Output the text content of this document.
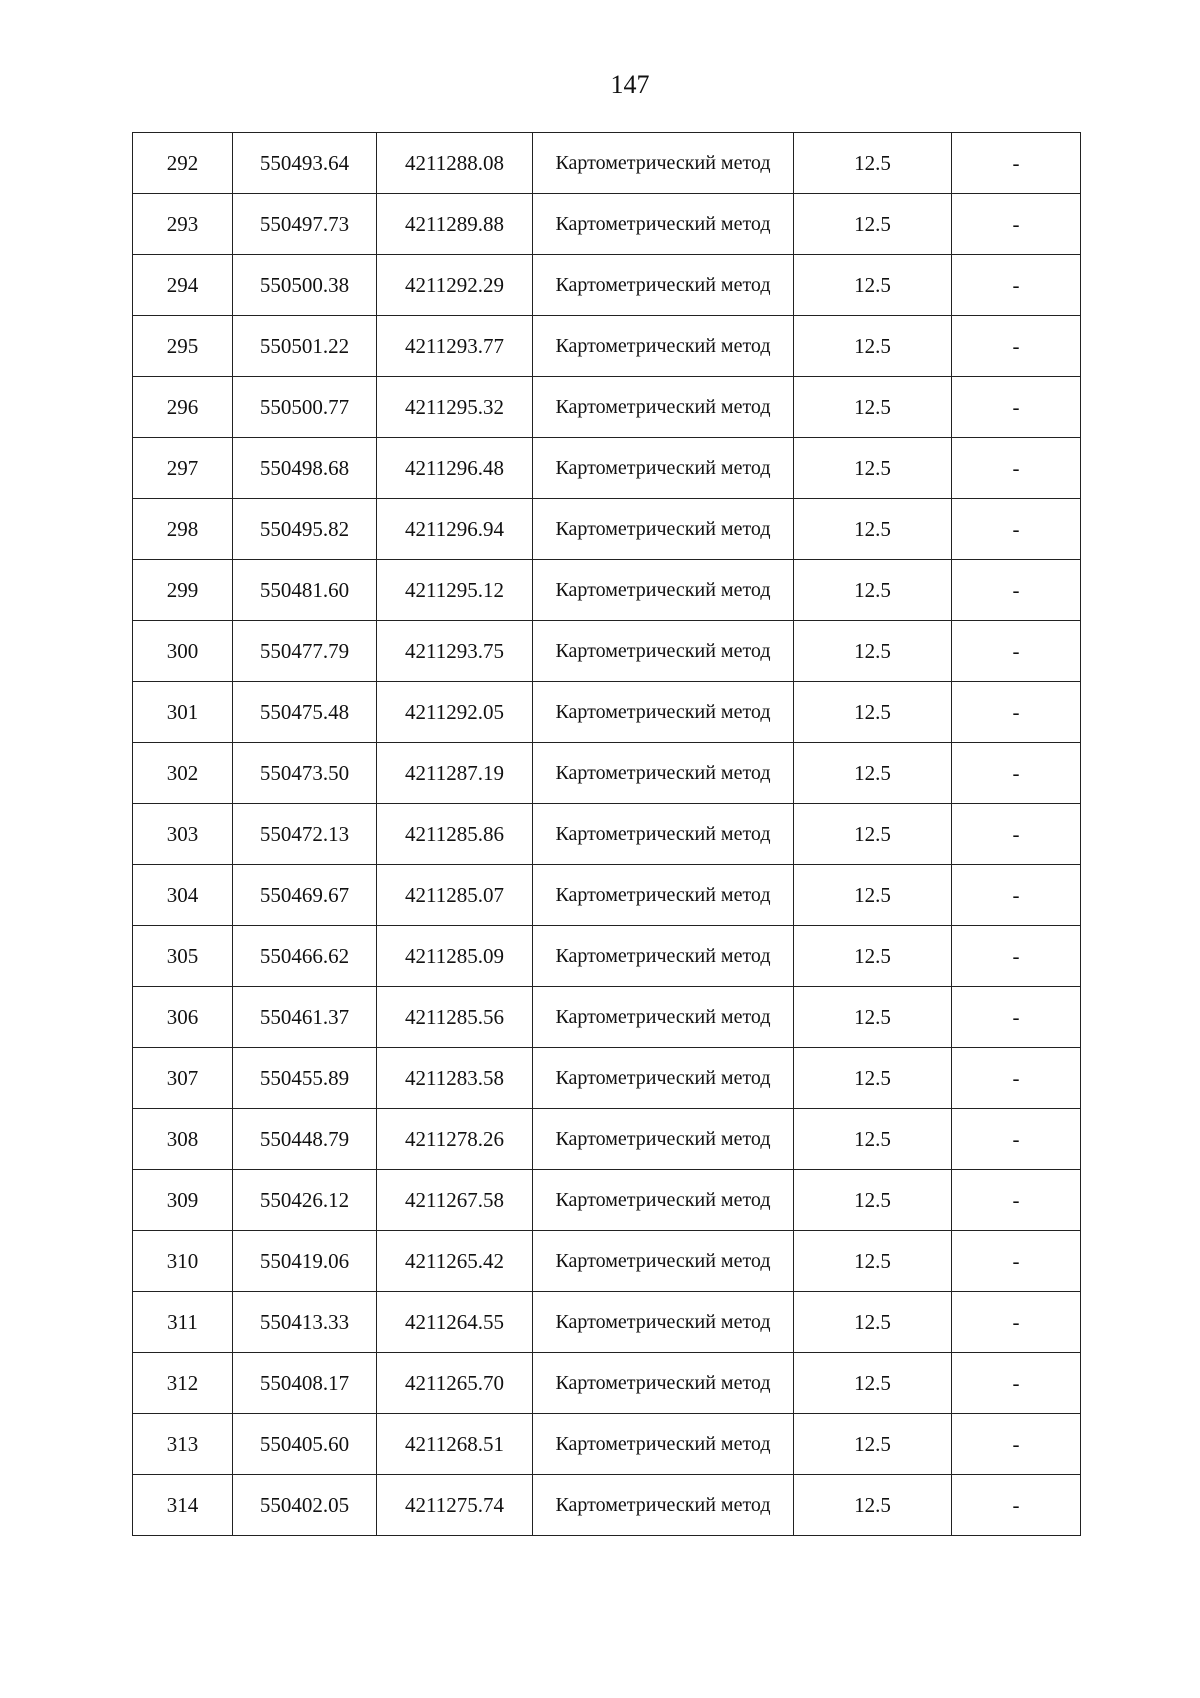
147
292	550493.64	4211288.08	Картометрический метод	12.5	-
293	550497.73	4211289.88	Картометрический метод	12.5	-
294	550500.38	4211292.29	Картометрический метод	12.5	-
295	550501.22	4211293.77	Картометрический метод	12.5	-
296	550500.77	4211295.32	Картометрический метод	12.5	-
297	550498.68	4211296.48	Картометрический метод	12.5	-
298	550495.82	4211296.94	Картометрический метод	12.5	-
299	550481.60	4211295.12	Картометрический метод	12.5	-
300	550477.79	4211293.75	Картометрический метод	12.5	-
301	550475.48	4211292.05	Картометрический метод	12.5	-
302	550473.50	4211287.19	Картометрический метод	12.5	-
303	550472.13	4211285.86	Картометрический метод	12.5	-
304	550469.67	4211285.07	Картометрический метод	12.5	-
305	550466.62	4211285.09	Картометрический метод	12.5	-
306	550461.37	4211285.56	Картометрический метод	12.5	-
307	550455.89	4211283.58	Картометрический метод	12.5	-
308	550448.79	4211278.26	Картометрический метод	12.5	-
309	550426.12	4211267.58	Картометрический метод	12.5	-
310	550419.06	4211265.42	Картометрический метод	12.5	-
311	550413.33	4211264.55	Картометрический метод	12.5	-
312	550408.17	4211265.70	Картометрический метод	12.5	-
313	550405.60	4211268.51	Картометрический метод	12.5	-
314	550402.05	4211275.74	Картометрический метод	12.5	-
